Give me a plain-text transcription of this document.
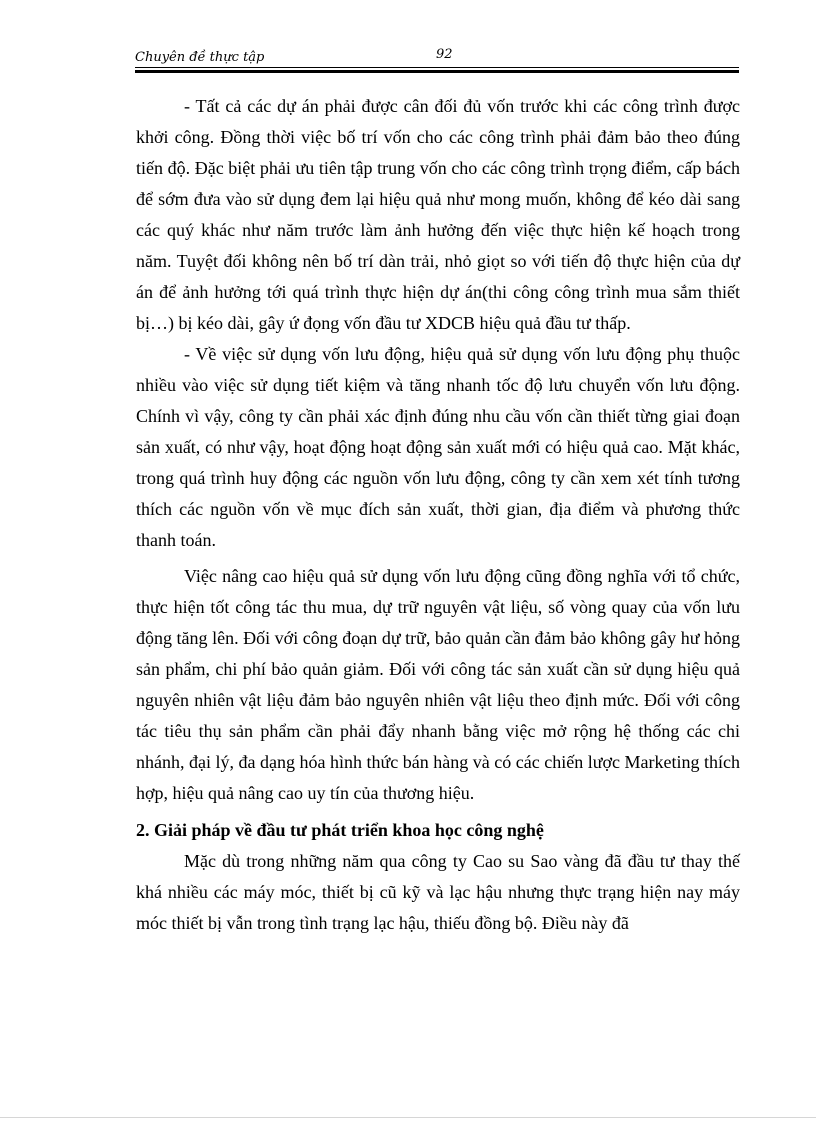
Chuyên đề thực tập	92

- Tất cả các dự án phải được cân đối đủ vốn trước khi các công trình được khởi công. Đồng thời việc bố trí vốn cho các công trình phải đảm bảo theo đúng tiến độ. Đặc biệt phải ưu tiên tập trung vốn cho các công trình trọng điểm, cấp bách để sớm đưa vào sử dụng đem lại hiệu quả như mong muốn, không để kéo dài sang các quý khác như năm trước làm ảnh hưởng đến việc thực hiện kế hoạch trong năm. Tuyệt đối không nên bố trí dàn trải, nhỏ giọt so với tiến độ thực hiện của dự án để ảnh hưởng tới quá trình thực hiện dự án(thi công công trình mua sắm thiết bị…) bị kéo dài, gây ứ đọng vốn đầu tư XDCB hiệu quả đầu tư thấp.

- Về việc sử dụng vốn lưu động, hiệu quả sử dụng vốn lưu động phụ thuộc nhiều vào việc sử dụng tiết kiệm và tăng nhanh tốc độ lưu chuyển vốn lưu động. Chính vì vậy, công ty cần phải xác định đúng nhu cầu vốn cần thiết từng giai đoạn sản xuất, có như vậy, hoạt động hoạt động sản xuất mới có hiệu quả cao. Mặt khác, trong quá trình huy động các nguồn vốn lưu động, công ty cần xem xét tính tương thích các nguồn vốn về mục đích sản xuất, thời gian, địa điểm và phương thức thanh toán.

Việc nâng cao hiệu quả sử dụng vốn lưu động cũng đồng nghĩa với tổ chức, thực hiện tốt công tác thu mua, dự trữ nguyên vật liệu, số vòng quay của vốn lưu động tăng lên. Đối với công đoạn dự trữ, bảo quản cần đảm bảo không gây hư hỏng sản phẩm, chi phí bảo quản giảm. Đối với công tác sản xuất cần sử dụng hiệu quả nguyên nhiên vật liệu đảm bảo nguyên nhiên vật liệu theo định mức. Đối với công tác tiêu thụ sản phẩm cần phải đẩy nhanh bằng việc mở rộng hệ thống các chi nhánh, đại lý, đa dạng hóa hình thức bán hàng và có các chiến lược Marketing thích hợp, hiệu quả nâng cao uy tín của thương hiệu.

2. Giải pháp về đầu tư phát triển khoa học công nghệ

Mặc dù trong những năm qua công ty Cao su Sao vàng đã đầu tư thay thế khá nhiều các máy móc, thiết bị cũ kỹ và lạc hậu nhưng thực trạng hiện nay máy móc thiết bị vẫn trong tình trạng lạc hậu, thiếu đồng bộ. Điều này đã
